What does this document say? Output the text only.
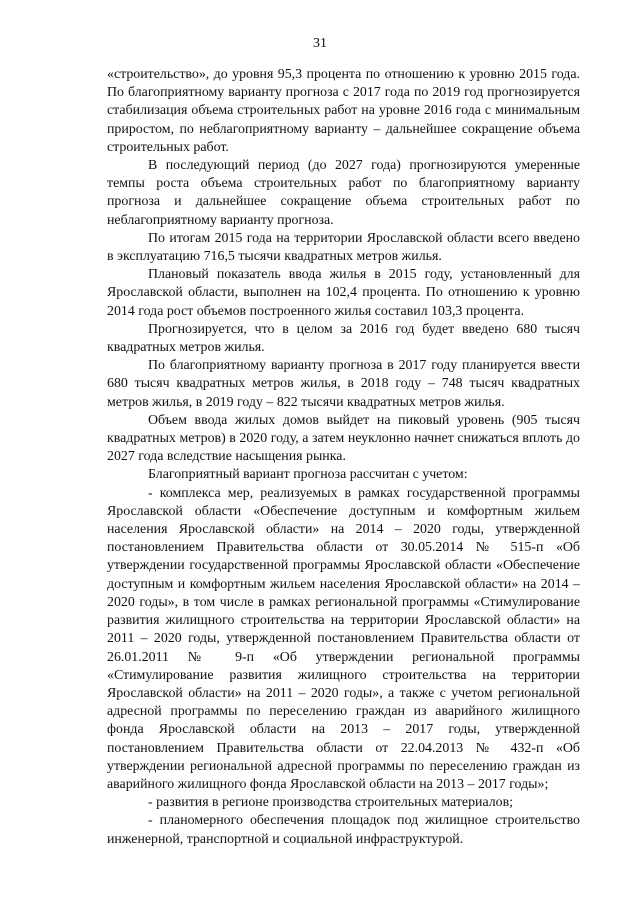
31

«строительство», до уровня 95,3 процента по отношению к уровню 2015 года. По благоприятному варианту прогноза с 2017 года по 2019 год прогнозируется стабилизация объема строительных работ на уровне 2016 года с минимальным приростом, по неблагоприятному варианту – дальнейшее сокращение объема строительных работ.

В последующий период (до 2027 года) прогнозируются умеренные темпы роста объема строительных работ по благоприятному варианту прогноза и дальнейшее сокращение объема строительных работ по неблагоприятному варианту прогноза.

По итогам 2015 года на территории Ярославской области всего введено в эксплуатацию 716,5 тысячи квадратных метров жилья.

Плановый показатель ввода жилья в 2015 году, установленный для Ярославской области, выполнен на 102,4 процента. По отношению к уровню 2014 года рост объемов построенного жилья составил 103,3 процента.

Прогнозируется, что в целом за 2016 год будет введено 680 тысяч квадратных метров жилья.

По благоприятному варианту прогноза в 2017 году планируется ввести 680 тысяч квадратных метров жилья, в 2018 году – 748 тысяч квадратных метров жилья, в 2019 году – 822 тысячи квадратных метров жилья.

Объем ввода жилых домов выйдет на пиковый уровень (905 тысяч квадратных метров) в 2020 году, а затем неуклонно начнет снижаться вплоть до 2027 года вследствие насыщения рынка.

Благоприятный вариант прогноза рассчитан с учетом:

- комплекса мер, реализуемых в рамках государственной программы Ярославской области «Обеспечение доступным и комфортным жильем населения Ярославской области» на 2014 – 2020 годы, утвержденной постановлением Правительства области от 30.05.2014 № 515-п «Об утверждении государственной программы Ярославской области «Обеспечение доступным и комфортным жильем населения Ярославской области» на 2014 – 2020 годы», в том числе в рамках региональной программы «Стимулирование развития жилищного строительства на территории Ярославской области» на 2011 – 2020 годы, утвержденной постановлением Правительства области от 26.01.2011 № 9-п «Об утверждении региональной программы «Стимулирование развития жилищного строительства на территории Ярославской области» на 2011 – 2020 годы», а также с учетом региональной адресной программы по переселению граждан из аварийного жилищного фонда Ярославской области на 2013 – 2017 годы, утвержденной постановлением Правительства области от 22.04.2013 № 432-п «Об утверждении региональной адресной программы по переселению граждан из аварийного жилищного фонда Ярославской области на 2013 – 2017 годы»;

- развития в регионе производства строительных материалов;

- планомерного обеспечения площадок под жилищное строительство инженерной, транспортной и социальной инфраструктурой.
